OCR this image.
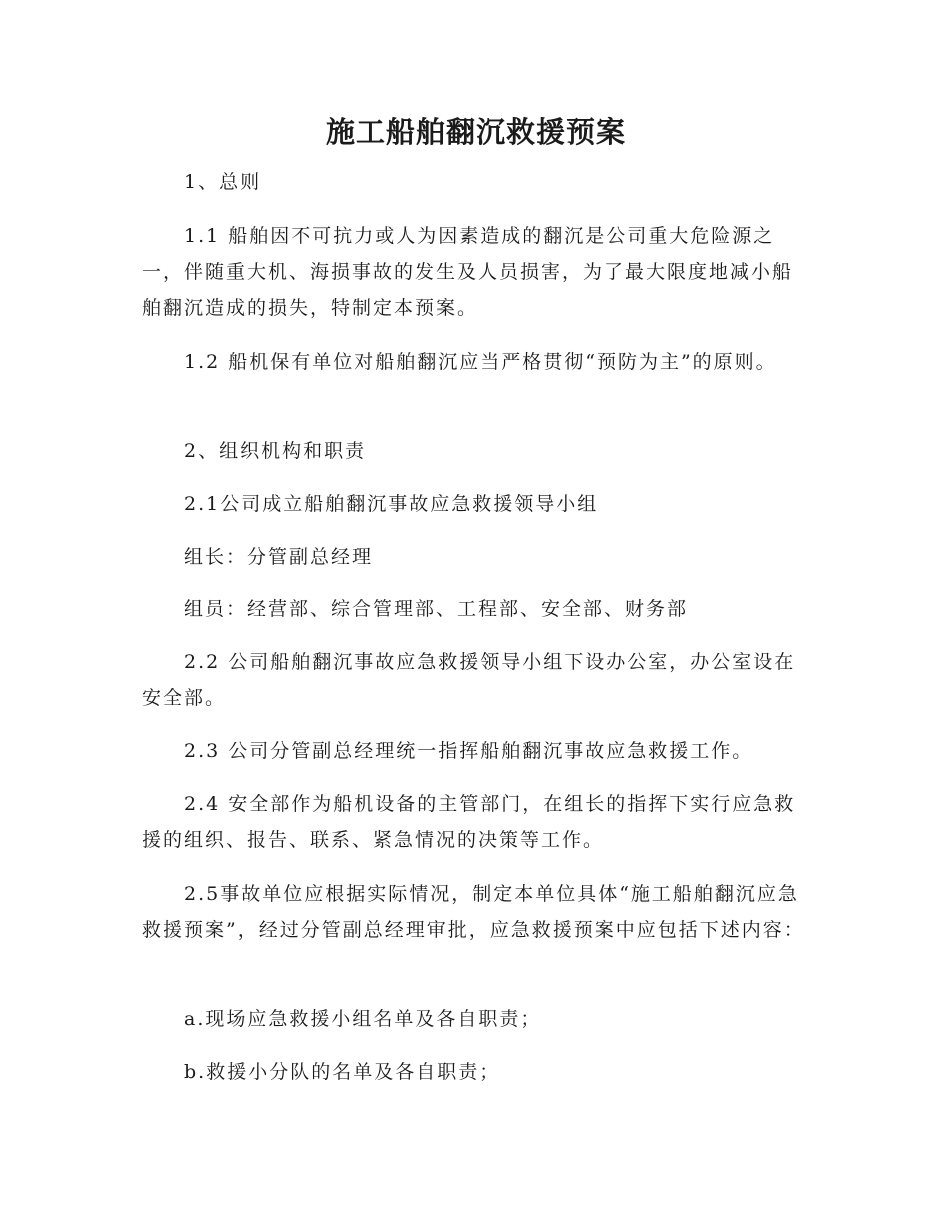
施工船舶翻沉救援预案

1、总则

1.1 船舶因不可抗力或人为因素造成的翻沉是公司重大危险源之一，伴随重大机、海损事故的发生及人员损害，为了最大限度地减小船舶翻沉造成的损失，特制定本预案。

1.2 船机保有单位对船舶翻沉应当严格贯彻“预防为主”的原则。

2、组织机构和职责

2.1公司成立船舶翻沉事故应急救援领导小组

组长：分管副总经理

组员：经营部、综合管理部、工程部、安全部、财务部

2.2 公司船舶翻沉事故应急救援领导小组下设办公室，办公室设在安全部。

2.3 公司分管副总经理统一指挥船舶翻沉事故应急救援工作。

2.4 安全部作为船机设备的主管部门，在组长的指挥下实行应急救援的组织、报告、联系、紧急情况的决策等工作。

2.5事故单位应根据实际情况，制定本单位具体“施工船舶翻沉应急救援预案”，经过分管副总经理审批，应急救援预案中应包括下述内容：

a.现场应急救援小组名单及各自职责；

b.救援小分队的名单及各自职责；
